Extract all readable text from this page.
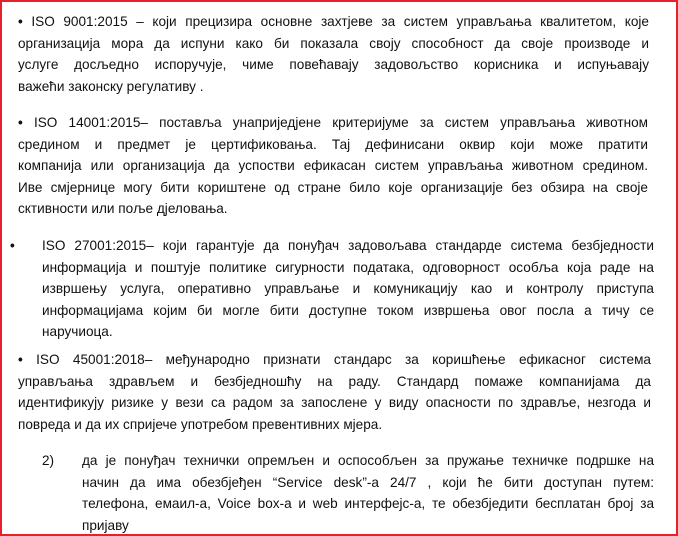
• ISO 9001:2015 – који прецизира основне захтјеве за систем управљања квалитетом, које
организација мора да испуни како би показала своју способност да своје производе и
услуге досљедно испоручује, чиме повећавају задовољство корисника и испуњавају
важећи законску регулативу .
• ISO 14001:2015– поставља унаприједјене критеријуме за систем управљања животном
средином и предмет је цертификовања. Тај дефинисани оквир који може пратити
компанија или организација да успостви ефикасан систем управљања животном средином.
Иве смјернице могу бити кориштене од стране било које организације без обзира на своје
сктивности или поље дјеловања.
• ISO 27001:2015– који гарантује да понуђач задовољава стандарде система безбједности
информација и поштује политике сигурности података, одговорност особља која раде на
извршењу услуга, оперативно управљање и комуникацију као и контролу приступа
информацијама којим би могле бити доступне током извршења овог посла а тичу се
наручиоца.
• ISO 45001:2018– међународно признати стандарс за коришћење ефикасног система
управљања здрављем и безбједношћу на раду. Стандард помаже компанијама да
идентификују ризике у вези са радом за запослене у виду опасности по здравље, незгода и
повреда и да их спријече употребом превентивних мјера.
2) да је понуђач технички опремљен и оспособљен за пружање техничке подршке на
начин да има обезбјеђен “Service desk”-а 24/7 , који ће бити доступан путем:
телефона, емаил-а, Voice box-а и web интерфејс-а, те обезбједити бесплатан број за
пријаву
